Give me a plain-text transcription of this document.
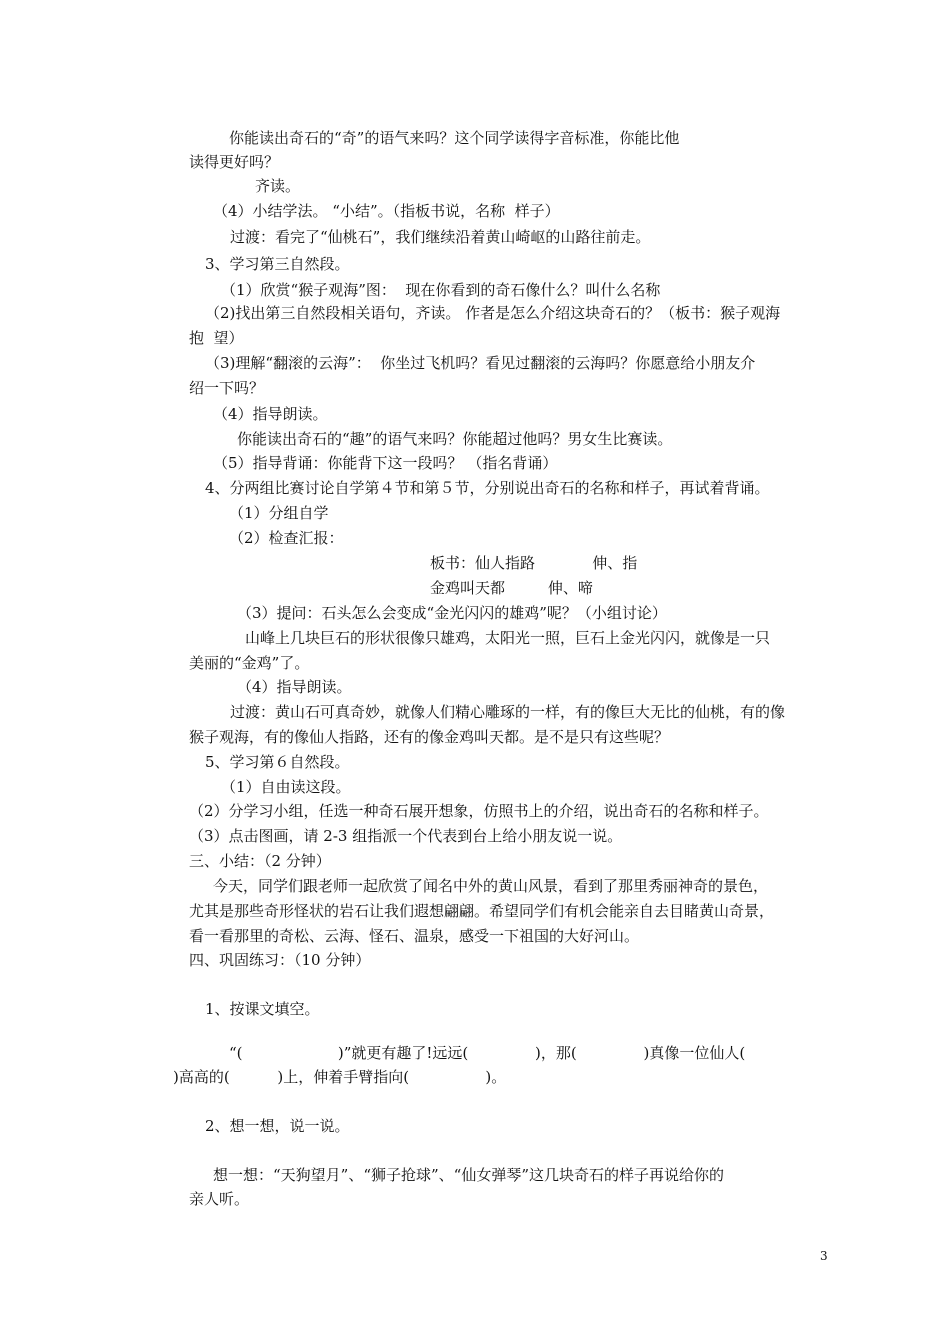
你能读出奇石的“奇”的语气来吗？这个同学读得字音标准，你能比他
读得更好吗？
齐读。
（4）小结学法。 “小结”。（指板书说，名称  样子）
过渡：看完了“仙桃石”，我们继续沿着黄山崎岖的山路往前走。
3、学习第三自然段。
（1）欣赏“猴子观海”图：  现在你看到的奇石像什么？叫什么名称
（2)找出第三自然段相关语句，齐读。 作者是怎么介绍这块奇石的？（板书：猴子观海
抱  望）
（3)理解“翻滚的云海”：  你坐过飞机吗？看见过翻滚的云海吗？你愿意给小朋友介
绍一下吗？
（4）指导朗读。
你能读出奇石的“趣”的语气来吗？你能超过他吗？男女生比赛读。
（5）指导背诵：你能背下这一段吗？ （指名背诵）
4、分两组比赛讨论自学第４节和第５节，分别说出奇石的名称和样子，再试着背诵。
（1）分组自学
（2）检查汇报：
板书：仙人指路            伸、指
金鸡叫天都         伸、啼
（3）提问：石头怎么会变成“金光闪闪的雄鸡”呢？（小组讨论）
山峰上几块巨石的形状很像只雄鸡，太阳光一照，巨石上金光闪闪，就像是一只
美丽的“金鸡”了。
（4）指导朗读。
过渡：黄山石可真奇妙，就像人们精心雕琢的一样，有的像巨大无比的仙桃，有的像
猴子观海，有的像仙人指路，还有的像金鸡叫天都。是不是只有这些呢？
5、学习第６自然段。
（1）自由读这段。
（2）分学习小组，任选一种奇石展开想象，仿照书上的介绍，说出奇石的名称和样子。
（3）点击图画，请 2-3 组指派一个代表到台上给小朋友说一说。
三、小结：（2 分钟）
今天，同学们跟老师一起欣赏了闻名中外的黄山风景，看到了那里秀丽神奇的景色，
尤其是那些奇形怪状的岩石让我们遐想翩翩。希望同学们有机会能亲自去目睹黄山奇景，
看一看那里的奇松、云海、怪石、温泉，感受一下祖国的大好河山。
四、巩固练习：（10 分钟）
1、按课文填空。
“(                    )”就更有趣了!远远(              )，那(              )真像一位仙人(
)高高的(          )上，伸着手臂指向(                )。
2、想一想，说一说。
想一想：“天狗望月”、“狮子抢球”、“仙女弹琴”这几块奇石的样子再说给你的
亲人听。
3
